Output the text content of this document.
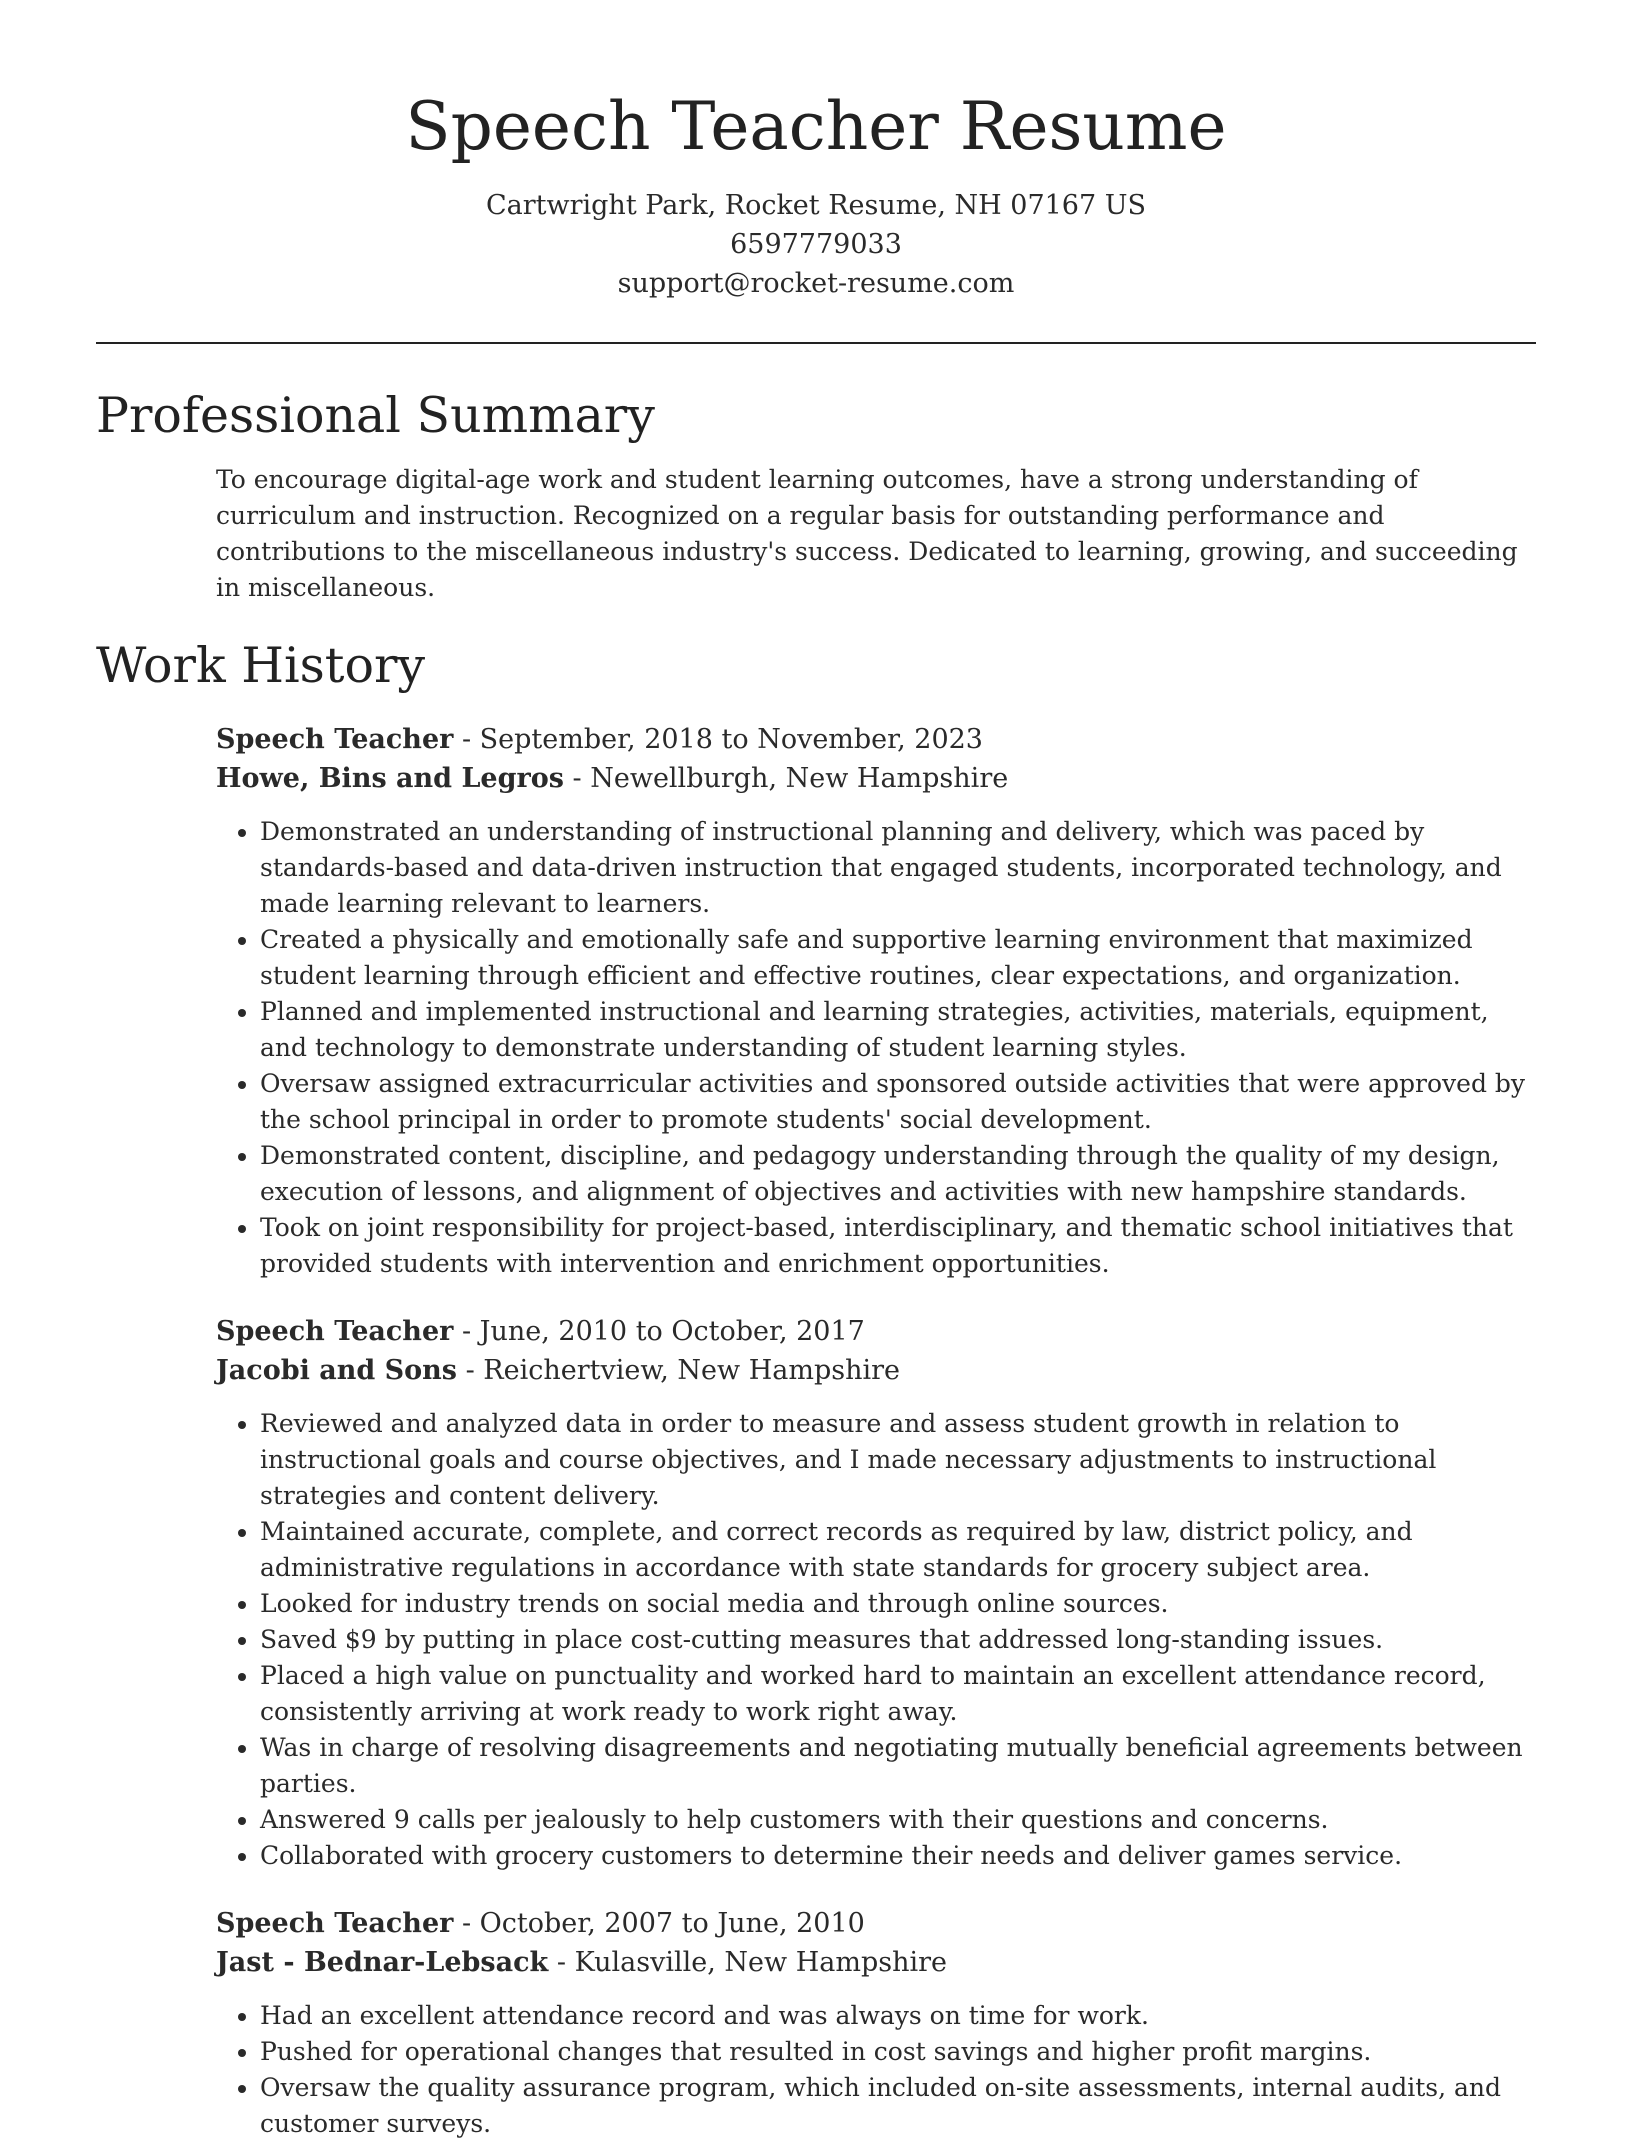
Speech Teacher Resume
Cartwright Park, Rocket Resume, NH 07167 US
6597779033
support@rocket-resume.com
Professional Summary

To encourage digital-age work and student learning outcomes, have a strong understanding of curriculum and instruction. Recognized on a regular basis for outstanding performance and contributions to the miscellaneous industry's success. Dedicated to learning, growing, and succeeding in miscellaneous.

Work History
Speech Teacher - September, 2018 to November, 2023
Howe, Bins and Legros - Newellburgh, New Hampshire
• Demonstrated an understanding of instructional planning and delivery, which was paced by standards-based and data-driven instruction that engaged students, incorporated technology, and made learning relevant to learners.
• Created a physically and emotionally safe and supportive learning environment that maximized student learning through efficient and effective routines, clear expectations, and organization.
• Planned and implemented instructional and learning strategies, activities, materials, equipment, and technology to demonstrate understanding of student learning styles.
• Oversaw assigned extracurricular activities and sponsored outside activities that were approved by the school principal in order to promote students' social development.
• Demonstrated content, discipline, and pedagogy understanding through the quality of my design, execution of lessons, and alignment of objectives and activities with new hampshire standards.
• Took on joint responsibility for project-based, interdisciplinary, and thematic school initiatives that provided students with intervention and enrichment opportunities.
Speech Teacher - June, 2010 to October, 2017
Jacobi and Sons - Reichertview, New Hampshire
• Reviewed and analyzed data in order to measure and assess student growth in relation to instructional goals and course objectives, and I made necessary adjustments to instructional strategies and content delivery.
• Maintained accurate, complete, and correct records as required by law, district policy, and administrative regulations in accordance with state standards for grocery subject area.
• Looked for industry trends on social media and through online sources.
• Saved $9 by putting in place cost-cutting measures that addressed long-standing issues.
• Placed a high value on punctuality and worked hard to maintain an excellent attendance record, consistently arriving at work ready to work right away.
• Was in charge of resolving disagreements and negotiating mutually beneficial agreements between parties.
• Answered 9 calls per jealously to help customers with their questions and concerns.
• Collaborated with grocery customers to determine their needs and deliver games service.
Speech Teacher - October, 2007 to June, 2010
Jast - Bednar-Lebsack - Kulasville, New Hampshire
• Had an excellent attendance record and was always on time for work.
• Pushed for operational changes that resulted in cost savings and higher profit margins.
• Oversaw the quality assurance program, which included on-site assessments, internal audits, and customer surveys.
